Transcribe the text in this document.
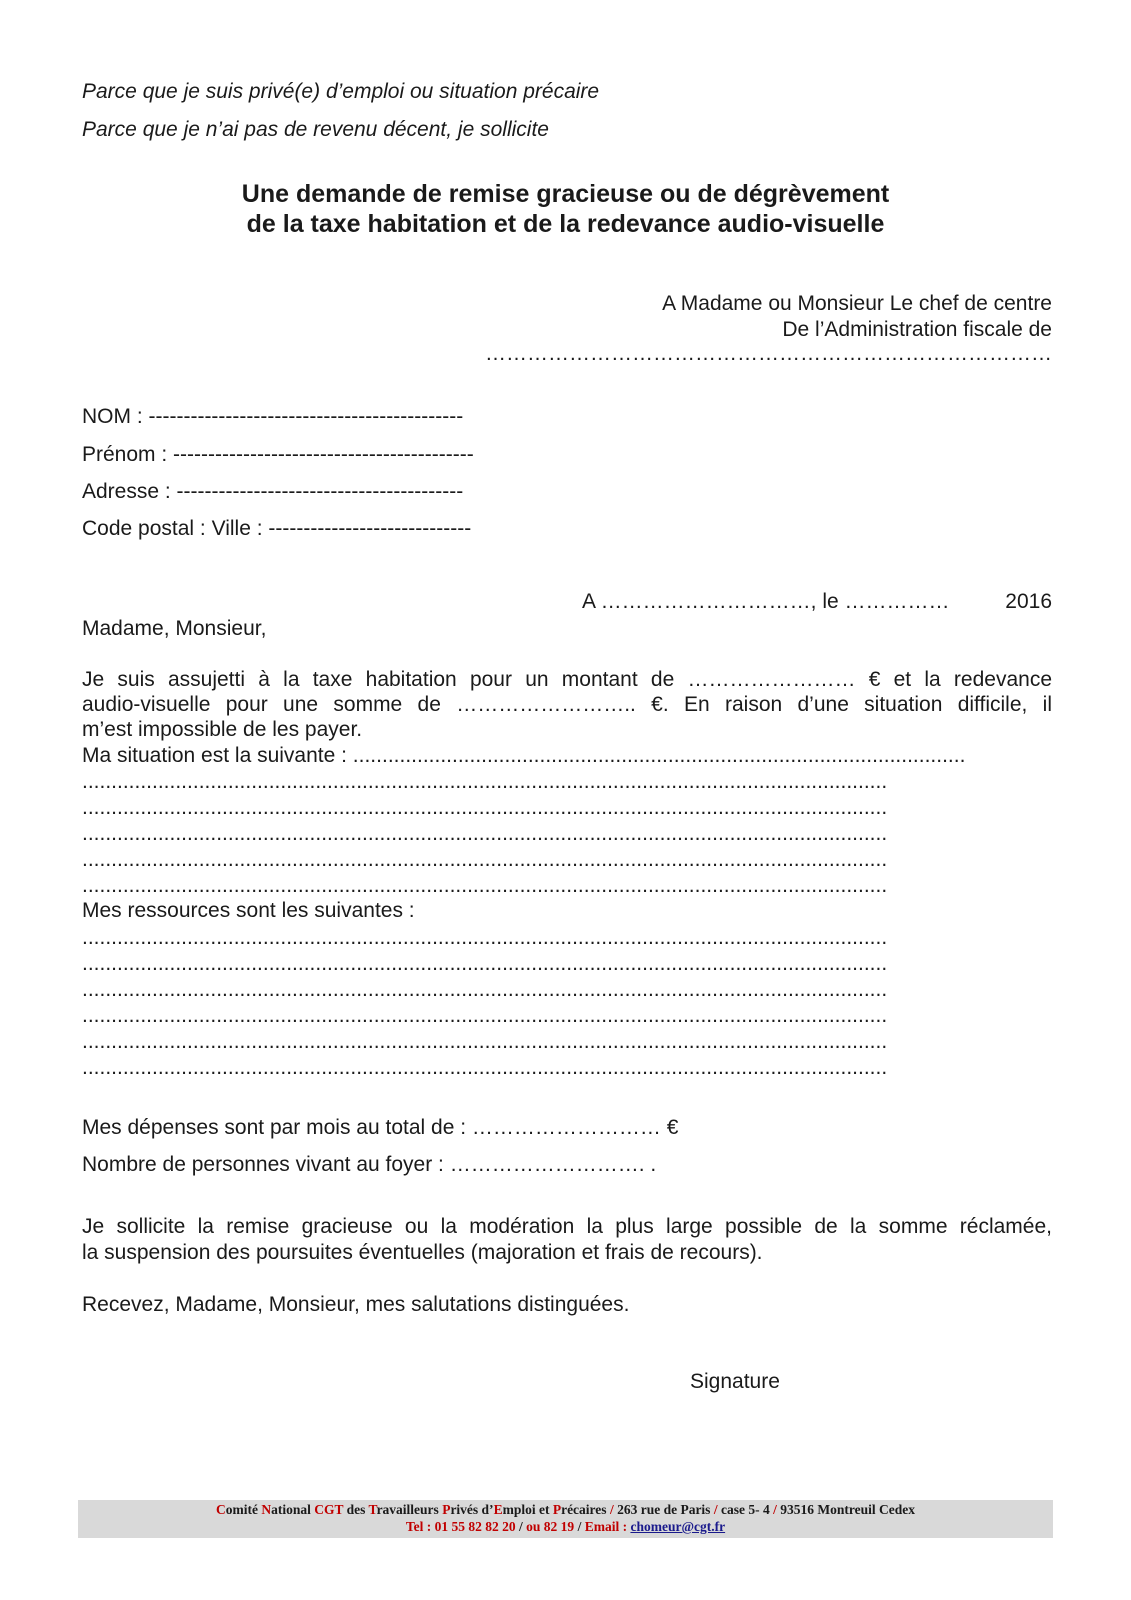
Parce que je suis privé(e) d’emploi ou situation précaire
Parce que je n’ai pas de revenu décent, je sollicite
Une demande de remise gracieuse ou de dégrèvement
de la taxe habitation et de la redevance audio-visuelle
A Madame ou Monsieur Le chef de centre
De l’Administration fiscale de
………………………………………………………………………
NOM : ---------------------------------------------
Prénom : -------------------------------------------
Adresse : -----------------------------------------
Code postal : Ville : -----------------------------
A …………………………, le ……………	2016
Madame, Monsieur,
Je suis assujetti à la taxe habitation pour un montant de …………………… € et la redevance
audio-visuelle pour une somme de …………………….. €. En raison d’une situation difficile, il
m’est impossible de les payer.
Ma situation est la suivante : .........................................................................................................
..........................................................................................................................................
..........................................................................................................................................
..........................................................................................................................................
..........................................................................................................................................
..........................................................................................................................................
Mes ressources sont les suivantes :
..........................................................................................................................................
..........................................................................................................................................
..........................................................................................................................................
..........................................................................................................................................
..........................................................................................................................................
..........................................................................................................................................
Mes dépenses sont par mois au total de : ……………………… €
Nombre de personnes vivant au foyer : ………………………. .
Je sollicite la remise gracieuse ou la modération la plus large possible de la somme réclamée,
la suspension des poursuites éventuelles (majoration et frais de recours).
Recevez, Madame, Monsieur, mes salutations distinguées.
Signature
Comité National CGT des Travailleurs Privés d’Emploi et Précaires / 263 rue de Paris / case 5- 4 / 93516 Montreuil Cedex
Tel : 01 55 82 82 20 / ou 82 19 / Email : chomeur@cgt.fr
